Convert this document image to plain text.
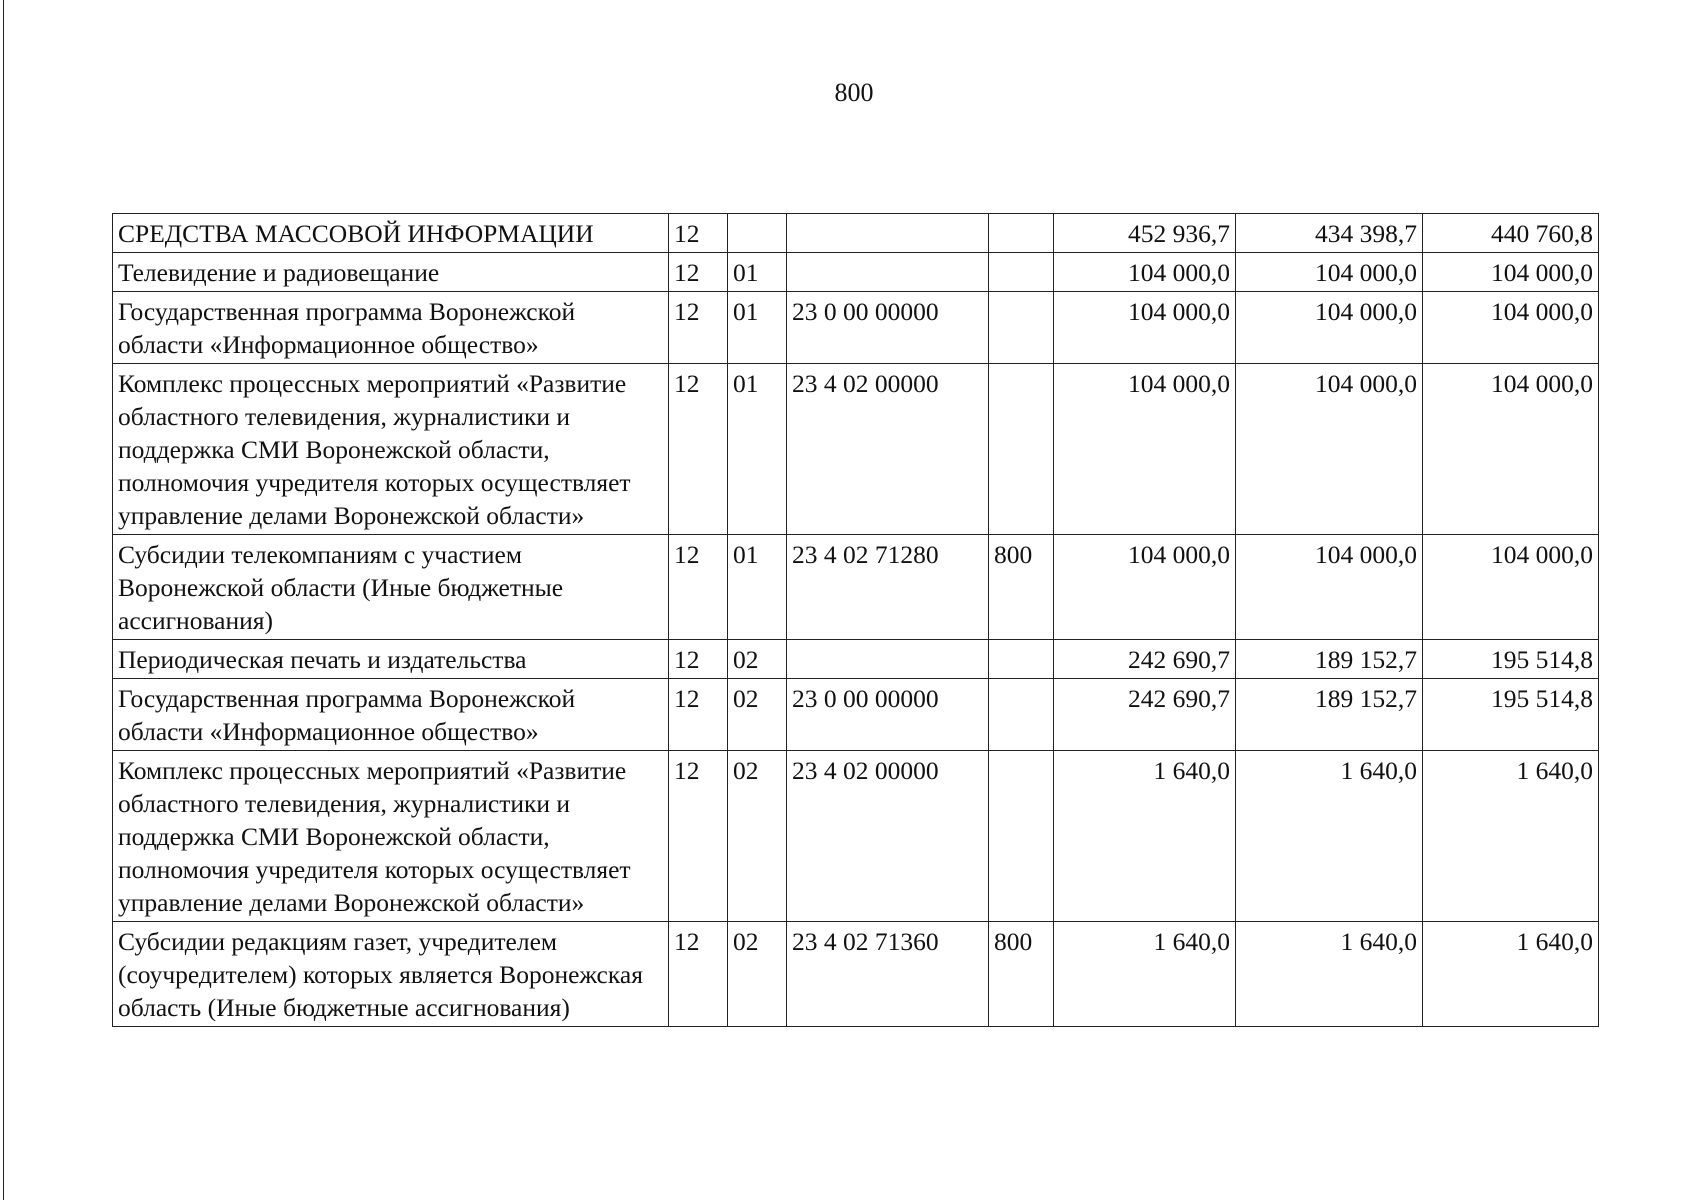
800
СРЕДСТВА МАССОВОЙ ИНФОРМАЦИИ	12				452 936,7	434 398,7	440 760,8
Телевидение и радиовещание	12	01			104 000,0	104 000,0	104 000,0
Государственная программа Воронежской области «Информационное общество»	12	01	23 0 00 00000		104 000,0	104 000,0	104 000,0
Комплекс процессных мероприятий «Развитие областного телевидения, журналистики и поддержка СМИ Воронежской области, полномочия учредителя которых осуществляет управление делами Воронежской области»	12	01	23 4 02 00000		104 000,0	104 000,0	104 000,0
Субсидии телекомпаниям с участием Воронежской области (Иные бюджетные ассигнования)	12	01	23 4 02 71280	800	104 000,0	104 000,0	104 000,0
Периодическая печать и издательства	12	02			242 690,7	189 152,7	195 514,8
Государственная программа Воронежской области «Информационное общество»	12	02	23 0 00 00000		242 690,7	189 152,7	195 514,8
Комплекс процессных мероприятий «Развитие областного телевидения, журналистики и поддержка СМИ Воронежской области, полномочия учредителя которых осуществляет управление делами Воронежской области»	12	02	23 4 02 00000		1 640,0	1 640,0	1 640,0
Субсидии редакциям газет, учредителем (соучредителем) которых является Воронежская область (Иные бюджетные ассигнования)	12	02	23 4 02 71360	800	1 640,0	1 640,0	1 640,0
